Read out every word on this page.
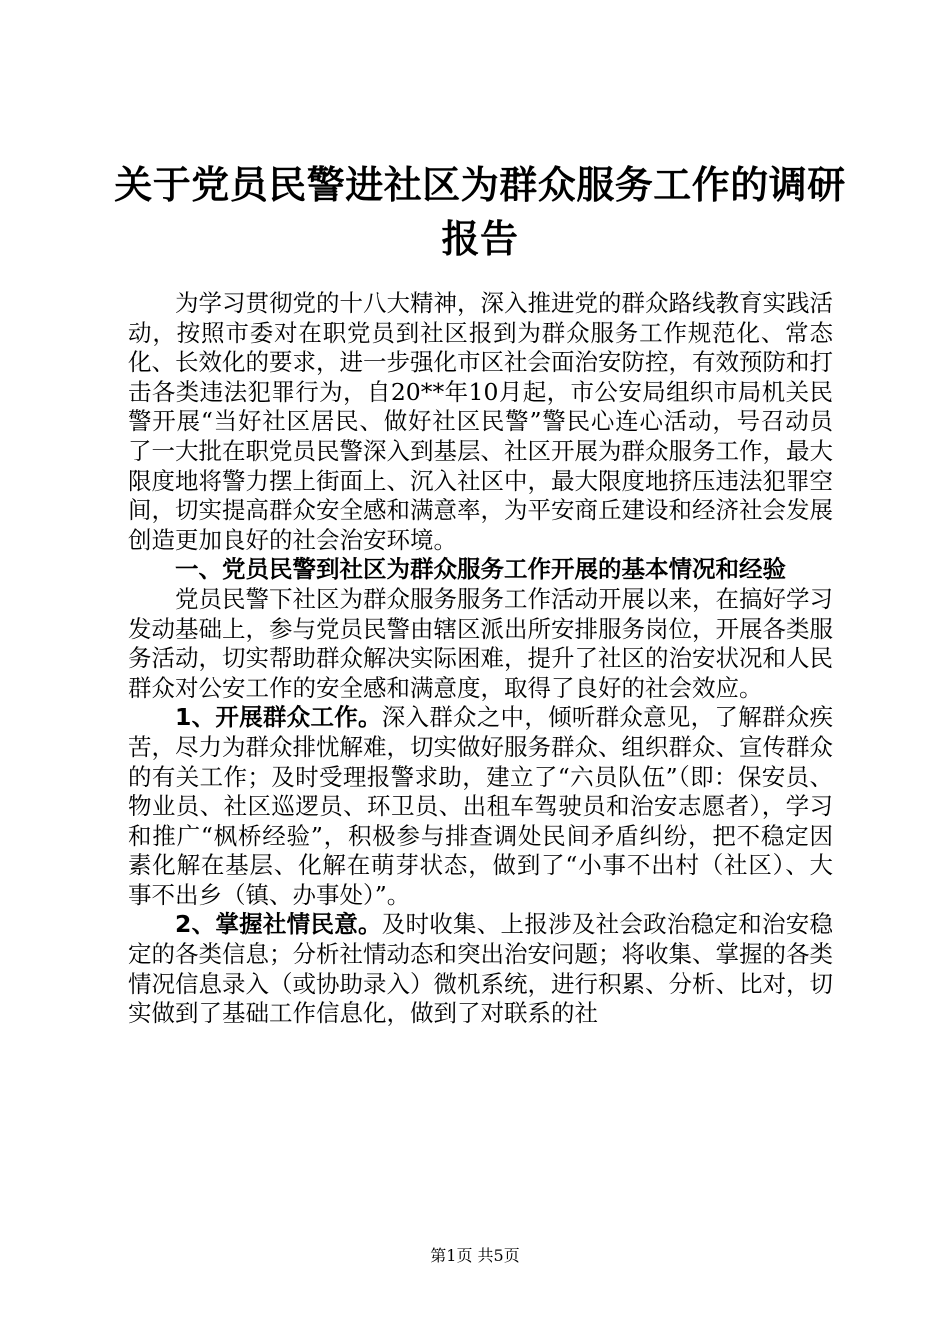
关于党员民警进社区为群众服务工作的调研报告

为学习贯彻党的十八大精神，深入推进党的群众路线教育实践活动，按照市委对在职党员到社区报到为群众服务工作规范化、常态化、长效化的要求，进一步强化市区社会面治安防控，有效预防和打击各类违法犯罪行为，自20**年10月起，市公安局组织市局机关民警开展“当好社区居民、做好社区民警”警民心连心活动，号召动员了一大批在职党员民警深入到基层、社区开展为群众服务工作，最大限度地将警力摆上街面上、沉入社区中，最大限度地挤压违法犯罪空间，切实提高群众安全感和满意率，为平安商丘建设和经济社会发展创造更加良好的社会治安环境。

一、党员民警到社区为群众服务工作开展的基本情况和经验

党员民警下社区为群众服务服务工作活动开展以来，在搞好学习发动基础上，参与党员民警由辖区派出所安排服务岗位，开展各类服务活动，切实帮助群众解决实际困难，提升了社区的治安状况和人民群众对公安工作的安全感和满意度，取得了良好的社会效应。

1、开展群众工作。深入群众之中，倾听群众意见，了解群众疾苦，尽力为群众排忧解难，切实做好服务群众、组织群众、宣传群众的有关工作；及时受理报警求助，建立了“六员队伍”（即：保安员、物业员、社区巡逻员、环卫员、出租车驾驶员和治安志愿者），学习和推广“枫桥经验”，积极参与排查调处民间矛盾纠纷，把不稳定因素化解在基层、化解在萌芽状态，做到了“小事不出村（社区）、大事不出乡（镇、办事处）”。

2、掌握社情民意。及时收集、上报涉及社会政治稳定和治安稳定的各类信息；分析社情动态和突出治安问题；将收集、掌握的各类情况信息录入（或协助录入）微机系统，进行积累、分析、比对，切实做到了基础工作信息化，做到了对联系的社

第1页 共5页
